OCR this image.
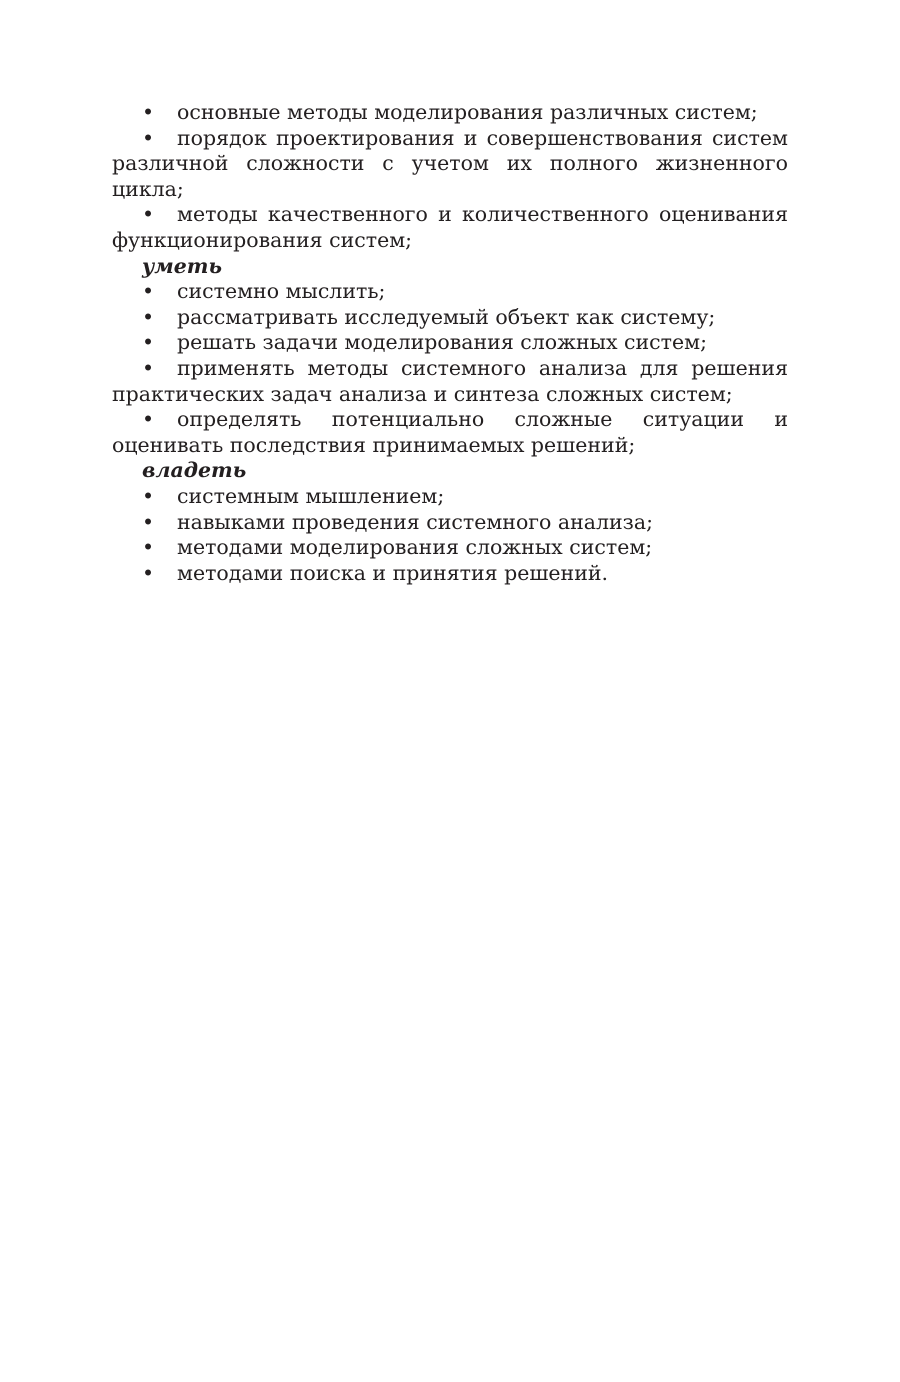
• основные методы моделирования различных систем;

• порядок проектирования и совершенствования систем различной сложности с учетом их полного жизненного цикла;

• методы качественного и количественного оценивания функционирования систем;

уметь

• системно мыслить;

• рассматривать исследуемый объект как систему;

• решать задачи моделирования сложных систем;

• применять методы системного анализа для решения практических задач анализа и синтеза сложных систем;

• определять потенциально сложные ситуации и оценивать последствия принимаемых решений;

владеть

• системным мышлением;

• навыками проведения системного анализа;

• методами моделирования сложных систем;

• методами поиска и принятия решений.
